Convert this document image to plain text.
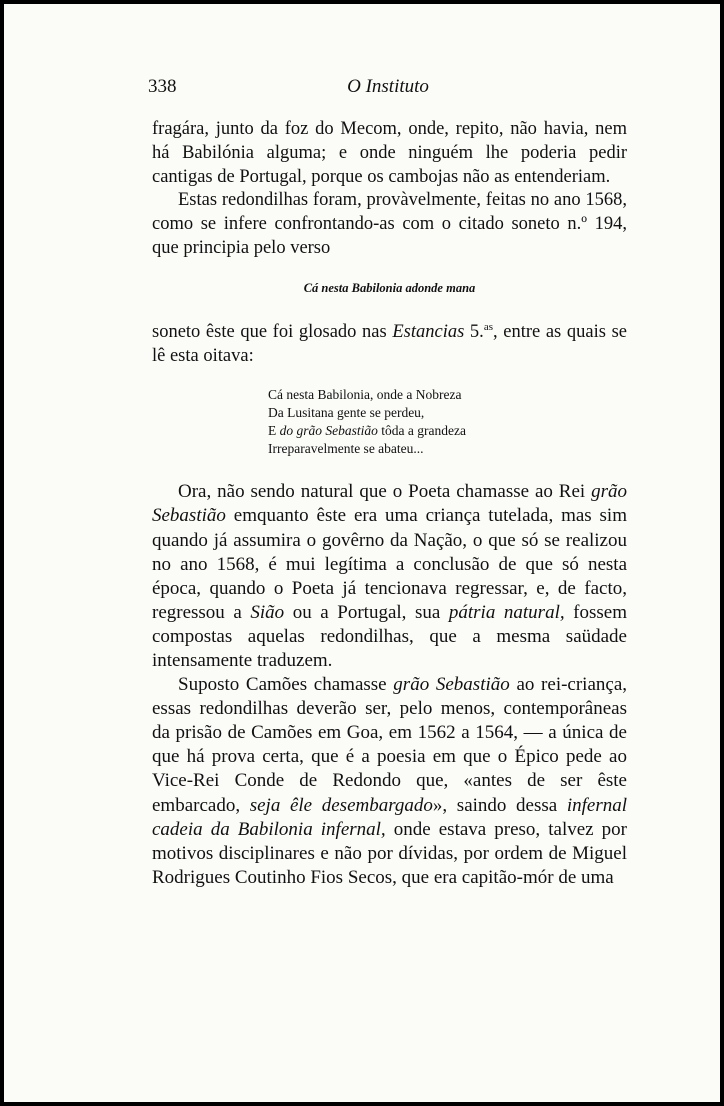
338	O Instituto

fragára, junto da foz do Mecom, onde, repito, não havia, nem há Babilónia alguma; e onde ninguém lhe poderia pedir cantigas de Portugal, porque os cambojas não as entenderiam.

Estas redondilhas foram, provàvelmente, feitas no ano 1568, como se infere confrontando-as com o citado soneto n.º 194, que principia pelo verso

Cá nesta Babilonia adonde mana

soneto êste que foi glosado nas Estancias 5.$^{as}$, entre as quais se lê esta oitava:

Cá nesta Babilonia, onde a Nobreza
Da Lusitana gente se perdeu,
E do grão Sebastião tôda a grandeza
Irreparavelmente se abateu...

Ora, não sendo natural que o Poeta chamasse ao Rei grão Sebastião emquanto êste era uma criança tutelada, mas sim quando já assumira o govêrno da Nação, o que só se realizou no ano 1568, é mui legítima a conclusão de que só nesta época, quando o Poeta já tencionava regressar, e, de facto, regressou a Sião ou a Portugal, sua pátria natural, fossem compostas aquelas redondilhas, que a mesma saüdade intensamente traduzem.

Suposto Camões chamasse grão Sebastião ao rei-criança, essas redondilhas deverão ser, pelo menos, contemporâneas da prisão de Camões em Goa, em 1562 a 1564, — a única de que há prova certa, que é a poesia em que o Épico pede ao Vice-Rei Conde de Redondo que, «antes de ser êste embarcado, seja êle desembargado», saindo dessa infernal cadeia da Babilonia infernal, onde estava preso, talvez por motivos disciplinares e não por dívidas, por ordem de Miguel Rodrigues Coutinho Fios Secos, que era capitão-mór de uma
